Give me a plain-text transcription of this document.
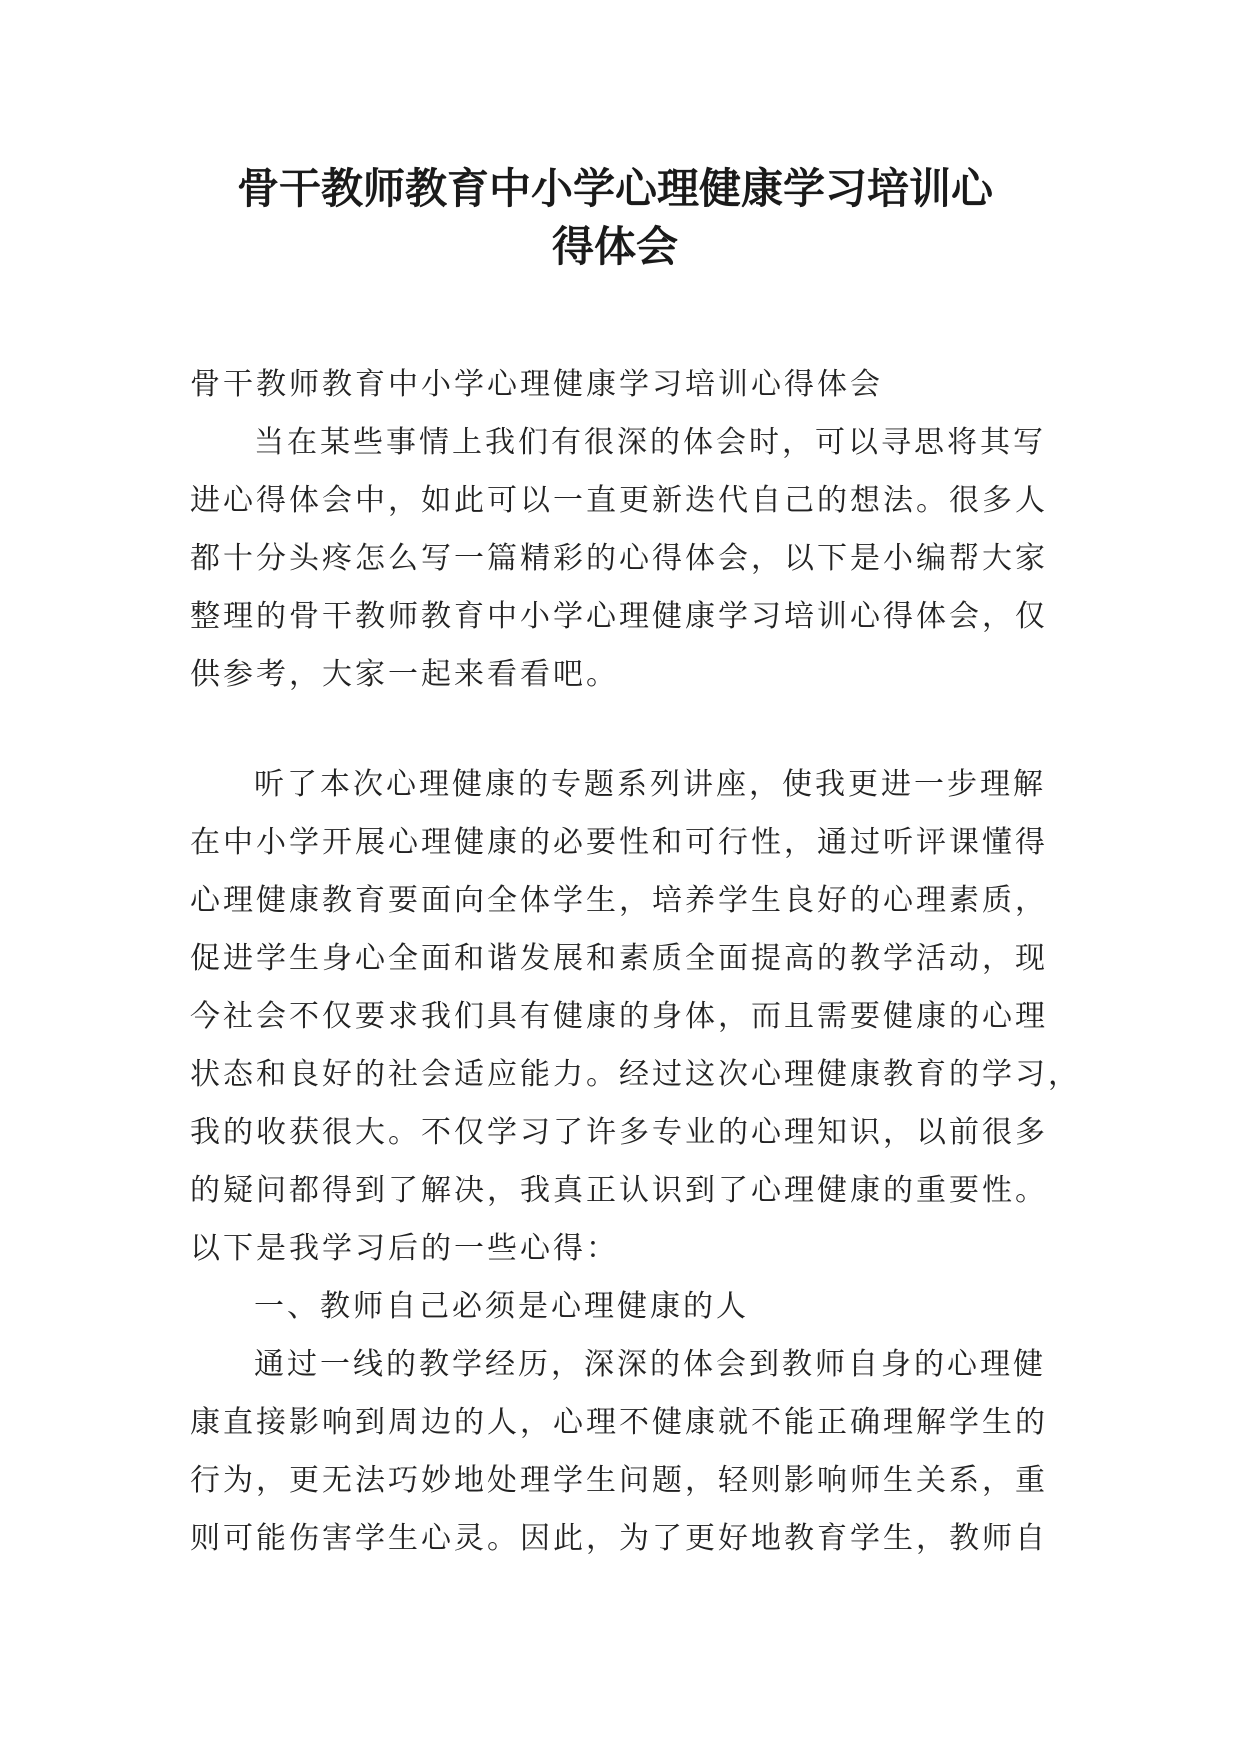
骨干教师教育中小学心理健康学习培训心
得体会
骨干教师教育中小学心理健康学习培训心得体会
当在某些事情上我们有很深的体会时，可以寻思将其写
进心得体会中，如此可以一直更新迭代自己的想法。很多人
都十分头疼怎么写一篇精彩的心得体会，以下是小编帮大家
整理的骨干教师教育中小学心理健康学习培训心得体会，仅
供参考，大家一起来看看吧。
听了本次心理健康的专题系列讲座，使我更进一步理解
在中小学开展心理健康的必要性和可行性，通过听评课懂得
心理健康教育要面向全体学生，培养学生良好的心理素质，
促进学生身心全面和谐发展和素质全面提高的教学活动，现
今社会不仅要求我们具有健康的身体，而且需要健康的心理
状态和良好的社会适应能力。经过这次心理健康教育的学习，
我的收获很大。不仅学习了许多专业的心理知识，以前很多
的疑问都得到了解决，我真正认识到了心理健康的重要性。
以下是我学习后的一些心得：
一、教师自己必须是心理健康的人
通过一线的教学经历，深深的体会到教师自身的心理健
康直接影响到周边的人，心理不健康就不能正确理解学生的
行为，更无法巧妙地处理学生问题，轻则影响师生关系，重
则可能伤害学生心灵。因此，为了更好地教育学生，教师自
